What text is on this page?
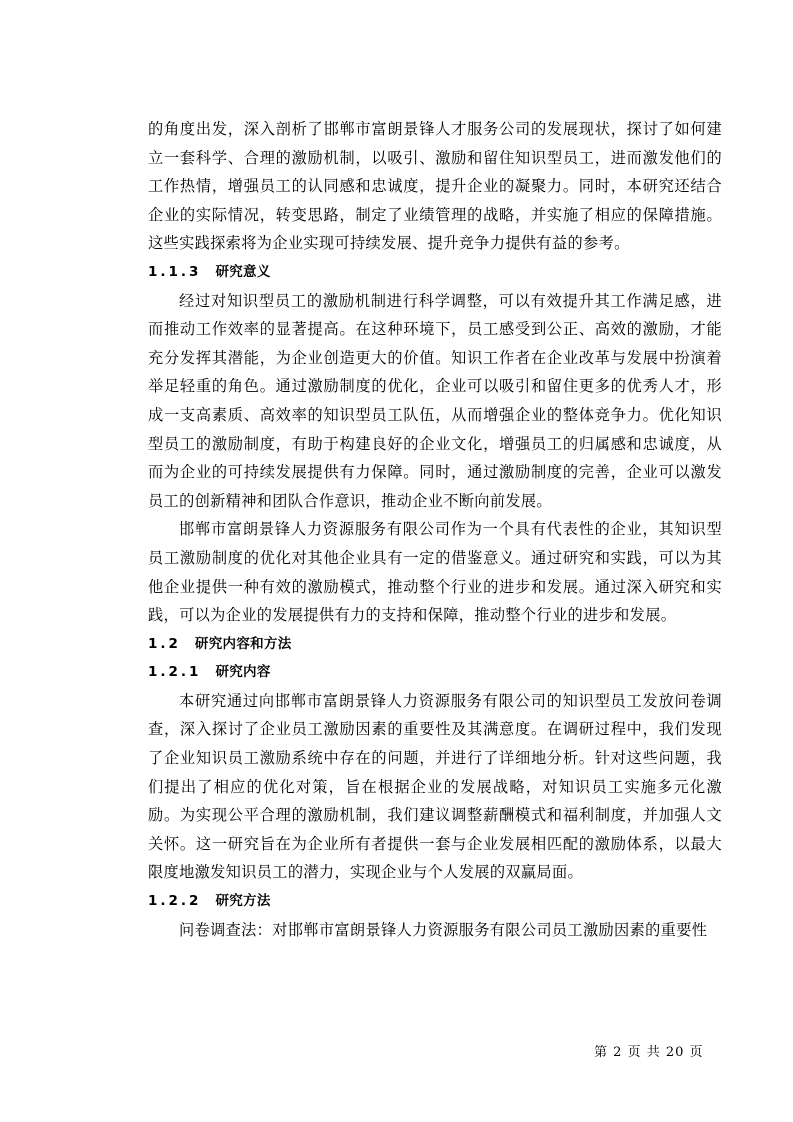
的角度出发，深入剖析了邯郸市富朗景锋人才服务公司的发展现状，探讨了如何建立一套科学、合理的激励机制，以吸引、激励和留住知识型员工，进而激发他们的工作热情，增强员工的认同感和忠诚度，提升企业的凝聚力。同时，本研究还结合企业的实际情况，转变思路，制定了业绩管理的战略，并实施了相应的保障措施。这些实践探索将为企业实现可持续发展、提升竞争力提供有益的参考。

1.1.3 研究意义

经过对知识型员工的激励机制进行科学调整，可以有效提升其工作满足感，进而推动工作效率的显著提高。在这种环境下，员工感受到公正、高效的激励，才能充分发挥其潜能，为企业创造更大的价值。知识工作者在企业改革与发展中扮演着举足轻重的角色。通过激励制度的优化，企业可以吸引和留住更多的优秀人才，形成一支高素质、高效率的知识型员工队伍，从而增强企业的整体竞争力。优化知识型员工的激励制度，有助于构建良好的企业文化，增强员工的归属感和忠诚度，从而为企业的可持续发展提供有力保障。同时，通过激励制度的完善，企业可以激发员工的创新精神和团队合作意识，推动企业不断向前发展。

邯郸市富朗景锋人力资源服务有限公司作为一个具有代表性的企业，其知识型员工激励制度的优化对其他企业具有一定的借鉴意义。通过研究和实践，可以为其他企业提供一种有效的激励模式，推动整个行业的进步和发展。通过深入研究和实践，可以为企业的发展提供有力的支持和保障，推动整个行业的进步和发展。

1.2 研究内容和方法
1.2.1 研究内容

本研究通过向邯郸市富朗景锋人力资源服务有限公司的知识型员工发放问卷调查，深入探讨了企业员工激励因素的重要性及其满意度。在调研过程中，我们发现了企业知识员工激励系统中存在的问题，并进行了详细地分析。针对这些问题，我们提出了相应的优化对策，旨在根据企业的发展战略，对知识员工实施多元化激励。为实现公平合理的激励机制，我们建议调整薪酬模式和福利制度，并加强人文关怀。这一研究旨在为企业所有者提供一套与企业发展相匹配的激励体系，以最大限度地激发知识员工的潜力，实现企业与个人发展的双赢局面。

1.2.2 研究方法

问卷调查法：对邯郸市富朗景锋人力资源服务有限公司员工激励因素的重要性

第 2 页 共 20 页
